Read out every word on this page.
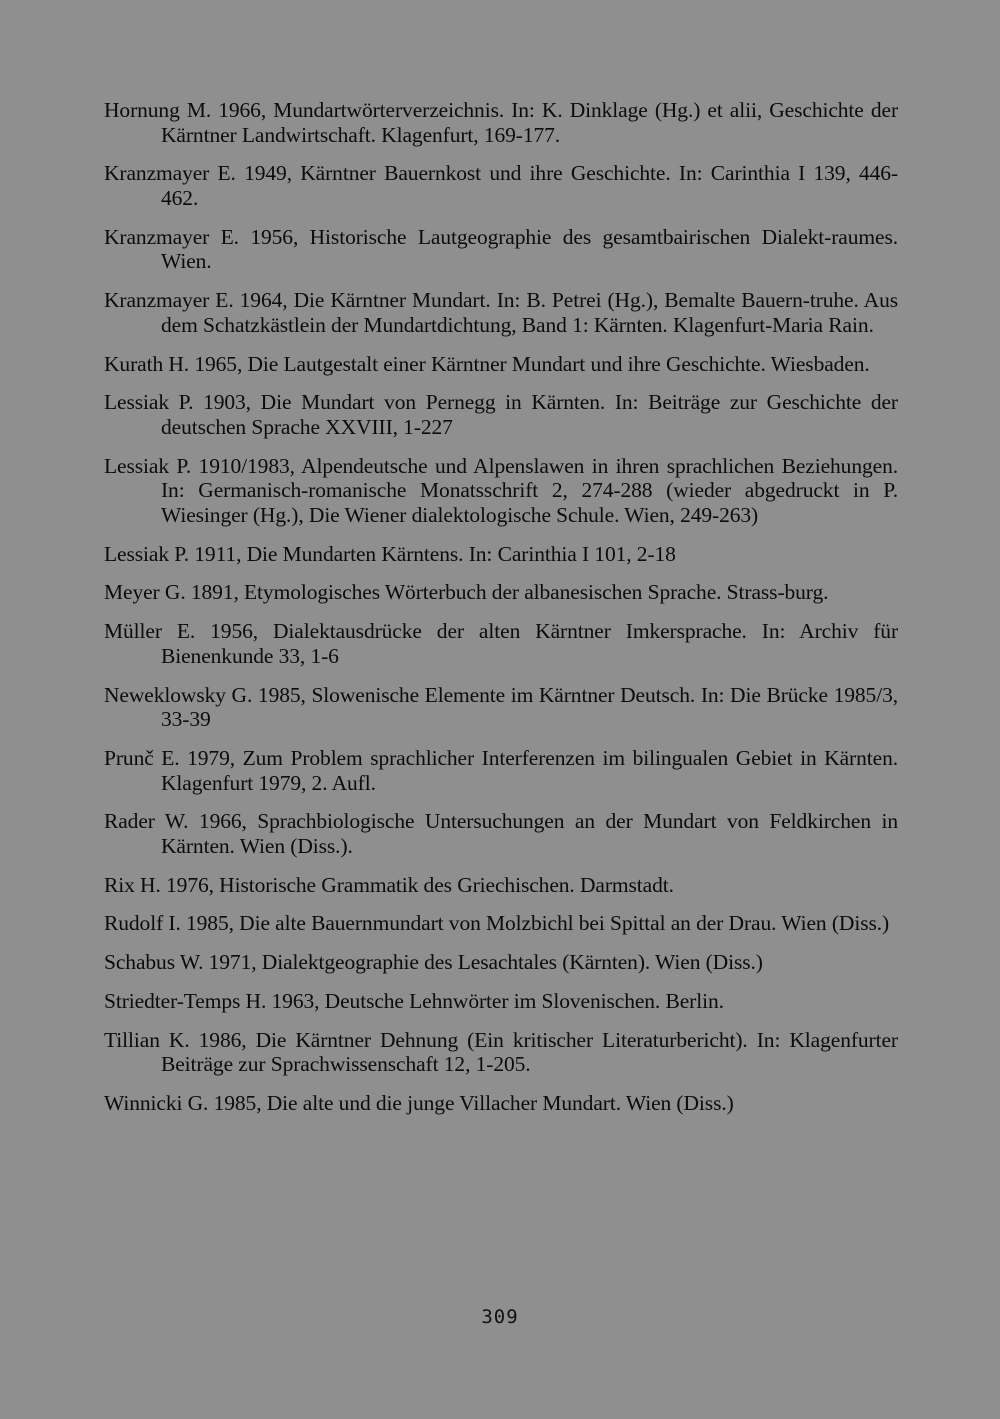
Hornung M. 1966, Mundartwörterverzeichnis. In: K. Dinklage (Hg.) et alii, Geschichte der Kärntner Landwirtschaft. Klagenfurt, 169-177.
Kranzmayer E. 1949, Kärntner Bauernkost und ihre Geschichte. In: Carinthia I 139, 446-462.
Kranzmayer E. 1956, Historische Lautgeographie des gesamtbairischen Dialekt-raumes. Wien.
Kranzmayer E. 1964, Die Kärntner Mundart. In: B. Petrei (Hg.), Bemalte Bauern-truhe. Aus dem Schatzkästlein der Mundartdichtung, Band 1: Kärnten. Klagenfurt-Maria Rain.
Kurath H. 1965, Die Lautgestalt einer Kärntner Mundart und ihre Geschichte. Wiesbaden.
Lessiak P. 1903, Die Mundart von Pernegg in Kärnten. In: Beiträge zur Geschichte der deutschen Sprache XXVIII, 1-227
Lessiak P. 1910/1983, Alpendeutsche und Alpenslawen in ihren sprachlichen Beziehungen. In: Germanisch-romanische Monatsschrift 2, 274-288 (wieder abgedruckt in P. Wiesinger (Hg.), Die Wiener dialektologische Schule. Wien, 249-263)
Lessiak P. 1911, Die Mundarten Kärntens. In: Carinthia I 101, 2-18
Meyer G. 1891, Etymologisches Wörterbuch der albanesischen Sprache. Strass-burg.
Müller E. 1956, Dialektausdrücke der alten Kärntner Imkersprache. In: Archiv für Bienenkunde 33, 1-6
Neweklowsky G. 1985, Slowenische Elemente im Kärntner Deutsch. In: Die Brücke 1985/3, 33-39
Prunč E. 1979, Zum Problem sprachlicher Interferenzen im bilingualen Gebiet in Kärnten. Klagenfurt 1979, 2. Aufl.
Rader W. 1966, Sprachbiologische Untersuchungen an der Mundart von Feldkirchen in Kärnten. Wien (Diss.).
Rix H. 1976, Historische Grammatik des Griechischen. Darmstadt.
Rudolf I. 1985, Die alte Bauernmundart von Molzbichl bei Spittal an der Drau. Wien (Diss.)
Schabus W. 1971, Dialektgeographie des Lesachtales (Kärnten). Wien (Diss.)
Striedter-Temps H. 1963, Deutsche Lehnwörter im Slovenischen. Berlin.
Tillian K. 1986, Die Kärntner Dehnung (Ein kritischer Literaturbericht). In: Klagenfurter Beiträge zur Sprachwissenschaft 12, 1-205.
Winnicki G. 1985, Die alte und die junge Villacher Mundart. Wien (Diss.)
309
